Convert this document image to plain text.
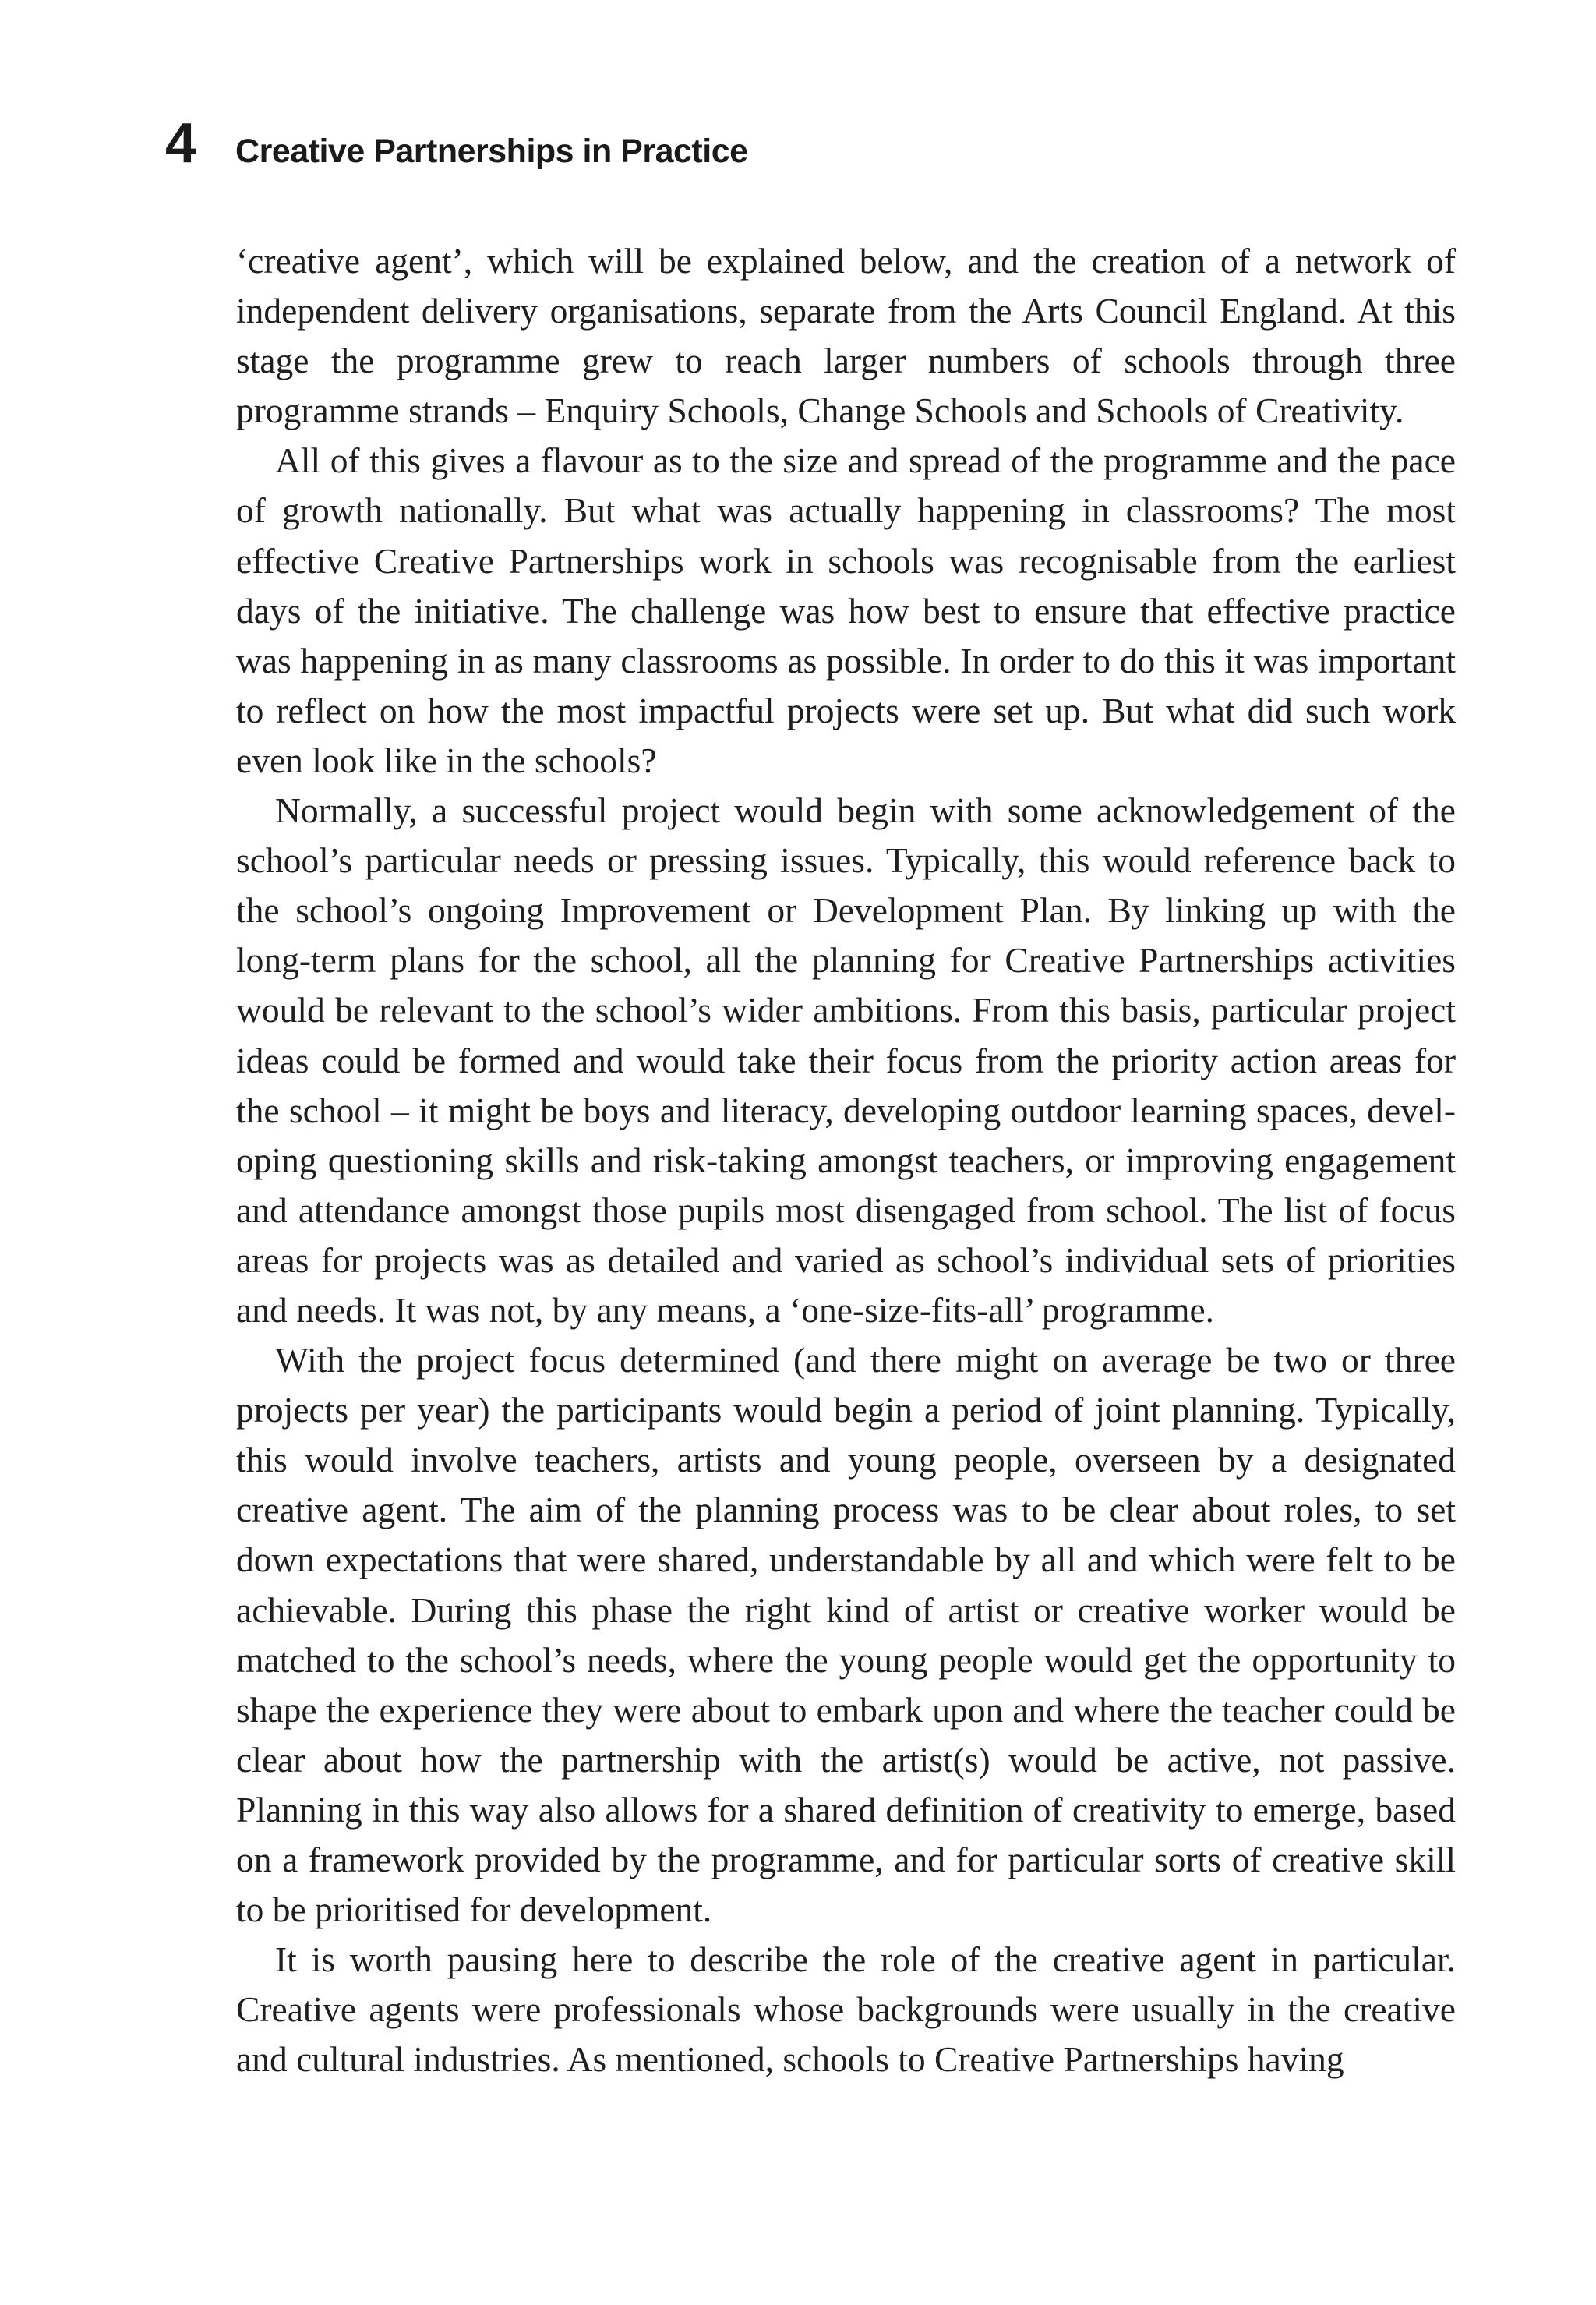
4 Creative Partnerships in Practice

‘creative agent’, which will be explained below, and the creation of a network of independent delivery organisations, separate from the Arts Council England. At this stage the programme grew to reach larger numbers of schools through three programme strands – Enquiry Schools, Change Schools and Schools of Creativity.

All of this gives a flavour as to the size and spread of the programme and the pace of growth nationally. But what was actually happening in classrooms? The most effective Creative Partnerships work in schools was recognisable from the earliest days of the initiative. The challenge was how best to ensure that effective practice was happening in as many classrooms as possible. In order to do this it was important to reflect on how the most impactful projects were set up. But what did such work even look like in the schools?

Normally, a successful project would begin with some acknowledgement of the school’s particular needs or pressing issues. Typically, this would reference back to the school’s ongoing Improvement or Development Plan. By linking up with the long-term plans for the school, all the planning for Creative Partnerships activities would be relevant to the school’s wider ambitions. From this basis, particular project ideas could be formed and would take their focus from the priority action areas for the school – it might be boys and literacy, developing outdoor learning spaces, developing questioning skills and risk-taking amongst teachers, or improving engagement and attendance amongst those pupils most disengaged from school. The list of focus areas for projects was as detailed and varied as school’s individual sets of priorities and needs. It was not, by any means, a ‘one-size-fits-all’ programme.

With the project focus determined (and there might on average be two or three projects per year) the participants would begin a period of joint planning. Typically, this would involve teachers, artists and young people, overseen by a designated creative agent. The aim of the planning process was to be clear about roles, to set down expectations that were shared, understandable by all and which were felt to be achievable. During this phase the right kind of artist or creative worker would be matched to the school’s needs, where the young people would get the opportunity to shape the experience they were about to embark upon and where the teacher could be clear about how the partnership with the artist(s) would be active, not passive. Planning in this way also allows for a shared definition of creativity to emerge, based on a framework provided by the programme, and for particular sorts of creative skill to be prioritised for development.

It is worth pausing here to describe the role of the creative agent in particular. Creative agents were professionals whose backgrounds were usually in the creative and cultural industries. As mentioned, schools to Creative Partnerships having
